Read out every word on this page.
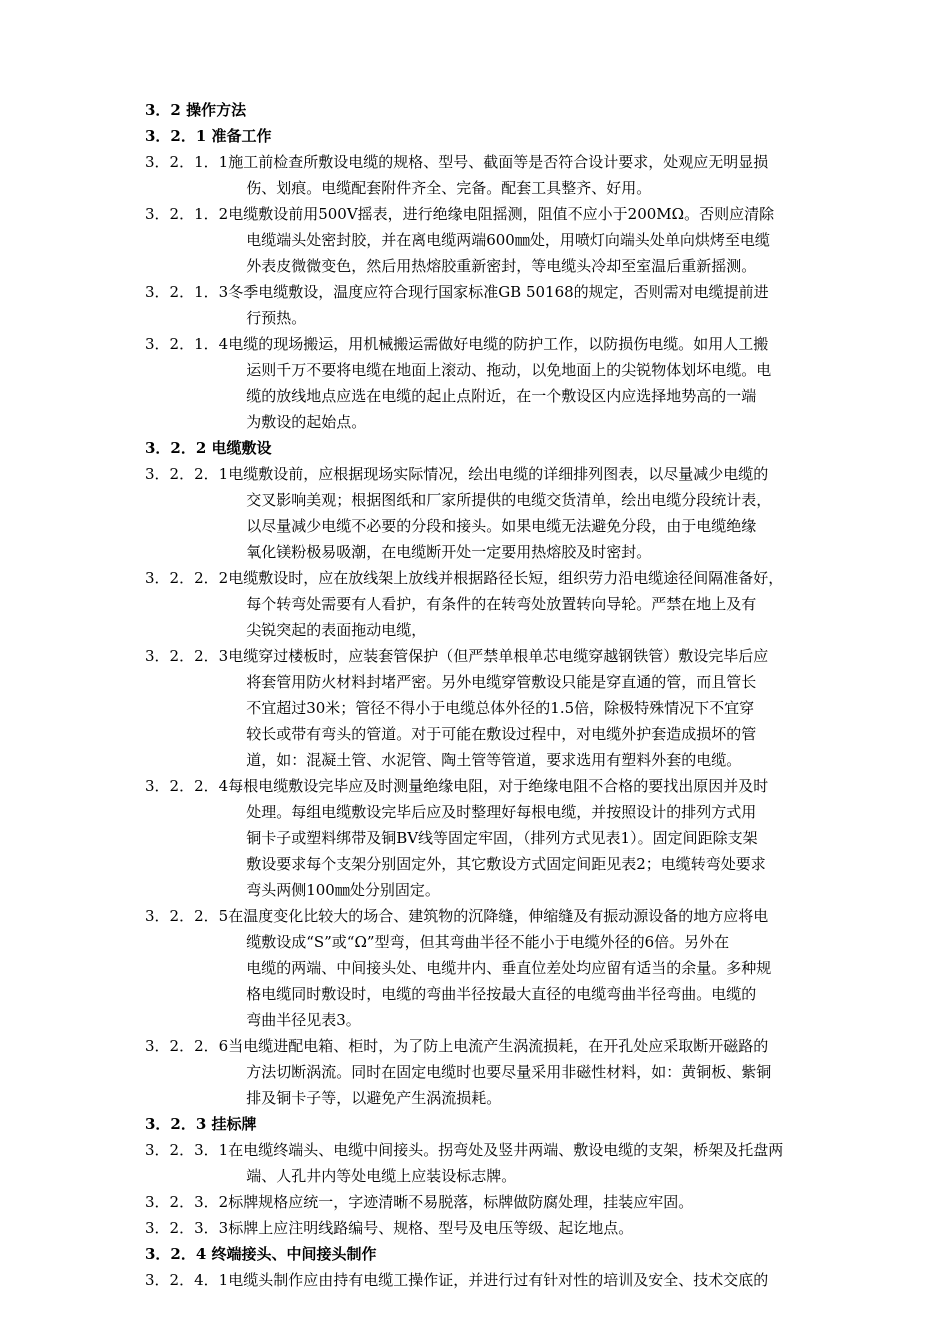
3．2 操作方法
3．2．1 准备工作
3．2．1．1 施工前检查所敷设电缆的规格、型号、截面等是否符合设计要求，处观应无明显损
伤、划痕。电缆配套附件齐全、完备。配套工具整齐、好用。
3．2．1．2 电缆敷设前用500V摇表，进行绝缘电阻摇测，阻值不应小于200MΩ。否则应清除
电缆端头处密封胶，并在离电缆两端600㎜处，用喷灯向端头处单向烘烤至电缆
外表皮微微变色，然后用热熔胶重新密封，等电缆头冷却至室温后重新摇测。
3．2．1．3 冬季电缆敷设，温度应符合现行国家标准GB 50168的规定，否则需对电缆提前进
行预热。
3．2．1．4 电缆的现场搬运，用机械搬运需做好电缆的防护工作，以防损伤电缆。如用人工搬
运则千万不要将电缆在地面上滚动、拖动，以免地面上的尖锐物体划坏电缆。电
缆的放线地点应选在电缆的起止点附近，在一个敷设区内应选择地势高的一端
为敷设的起始点。
3．2．2 电缆敷设
3．2．2．1 电缆敷设前，应根据现场实际情况，绘出电缆的详细排列图表，以尽量减少电缆的
交叉影响美观；根据图纸和厂家所提供的电缆交货清单，绘出电缆分段统计表，
以尽量减少电缆不必要的分段和接头。如果电缆无法避免分段，由于电缆绝缘
氧化镁粉极易吸潮，在电缆断开处一定要用热熔胶及时密封。
3．2．2．2 电缆敷设时，应在放线架上放线并根据路径长短，组织劳力沿电缆途径间隔准备好，
每个转弯处需要有人看护，有条件的在转弯处放置转向导轮。严禁在地上及有
尖锐突起的表面拖动电缆，
3．2．2．3 电缆穿过楼板时，应装套管保护（但严禁单根单芯电缆穿越钢铁管）敷设完毕后应
将套管用防火材料封堵严密。另外电缆穿管敷设只能是穿直通的管，而且管长
不宜超过30米；管径不得小于电缆总体外径的1.5倍，除极特殊情况下不宜穿
较长或带有弯头的管道。对于可能在敷设过程中，对电缆外护套造成损坏的管
道，如：混凝土管、水泥管、陶土管等管道，要求选用有塑料外套的电缆。
3．2．2．4 每根电缆敷设完毕应及时测量绝缘电阻，对于绝缘电阻不合格的要找出原因并及时
处理。每组电缆敷设完毕后应及时整理好每根电缆，并按照设计的排列方式用
铜卡子或塑料绑带及铜BV线等固定牢固，（排列方式见表1）。固定间距除支架
敷设要求每个支架分别固定外，其它敷设方式固定间距见表2；电缆转弯处要求
弯头两侧100㎜处分别固定。
3．2．2．5 在温度变化比较大的场合、建筑物的沉降缝，伸缩缝及有振动源设备的地方应将电
缆敷设成“S”或“Ω”型弯，但其弯曲半径不能小于电缆外径的6倍。另外在
电缆的两端、中间接头处、电缆井内、垂直位差处均应留有适当的余量。多种规
格电缆同时敷设时，电缆的弯曲半径按最大直径的电缆弯曲半径弯曲。电缆的
弯曲半径见表3。
3．2．2．6 当电缆进配电箱、柜时，为了防上电流产生涡流损耗，在开孔处应采取断开磁路的
方法切断涡流。同时在固定电缆时也要尽量采用非磁性材料，如：黄铜板、紫铜
排及铜卡子等，以避免产生涡流损耗。
3．2．3 挂标牌
3．2．3．1 在电缆终端头、电缆中间接头。拐弯处及竖井两端、敷设电缆的支架，桥架及托盘两
端、人孔井内等处电缆上应装设标志牌。
3．2．3．2 标牌规格应统一，字迹清晰不易脱落，标牌做防腐处理，挂装应牢固。
3．2．3．3 标牌上应注明线路编号、规格、型号及电压等级、起讫地点。
3．2．4 终端接头、中间接头制作
3．2．4．1 电缆头制作应由持有电缆工操作证，并进行过有针对性的培训及安全、技术交底的
